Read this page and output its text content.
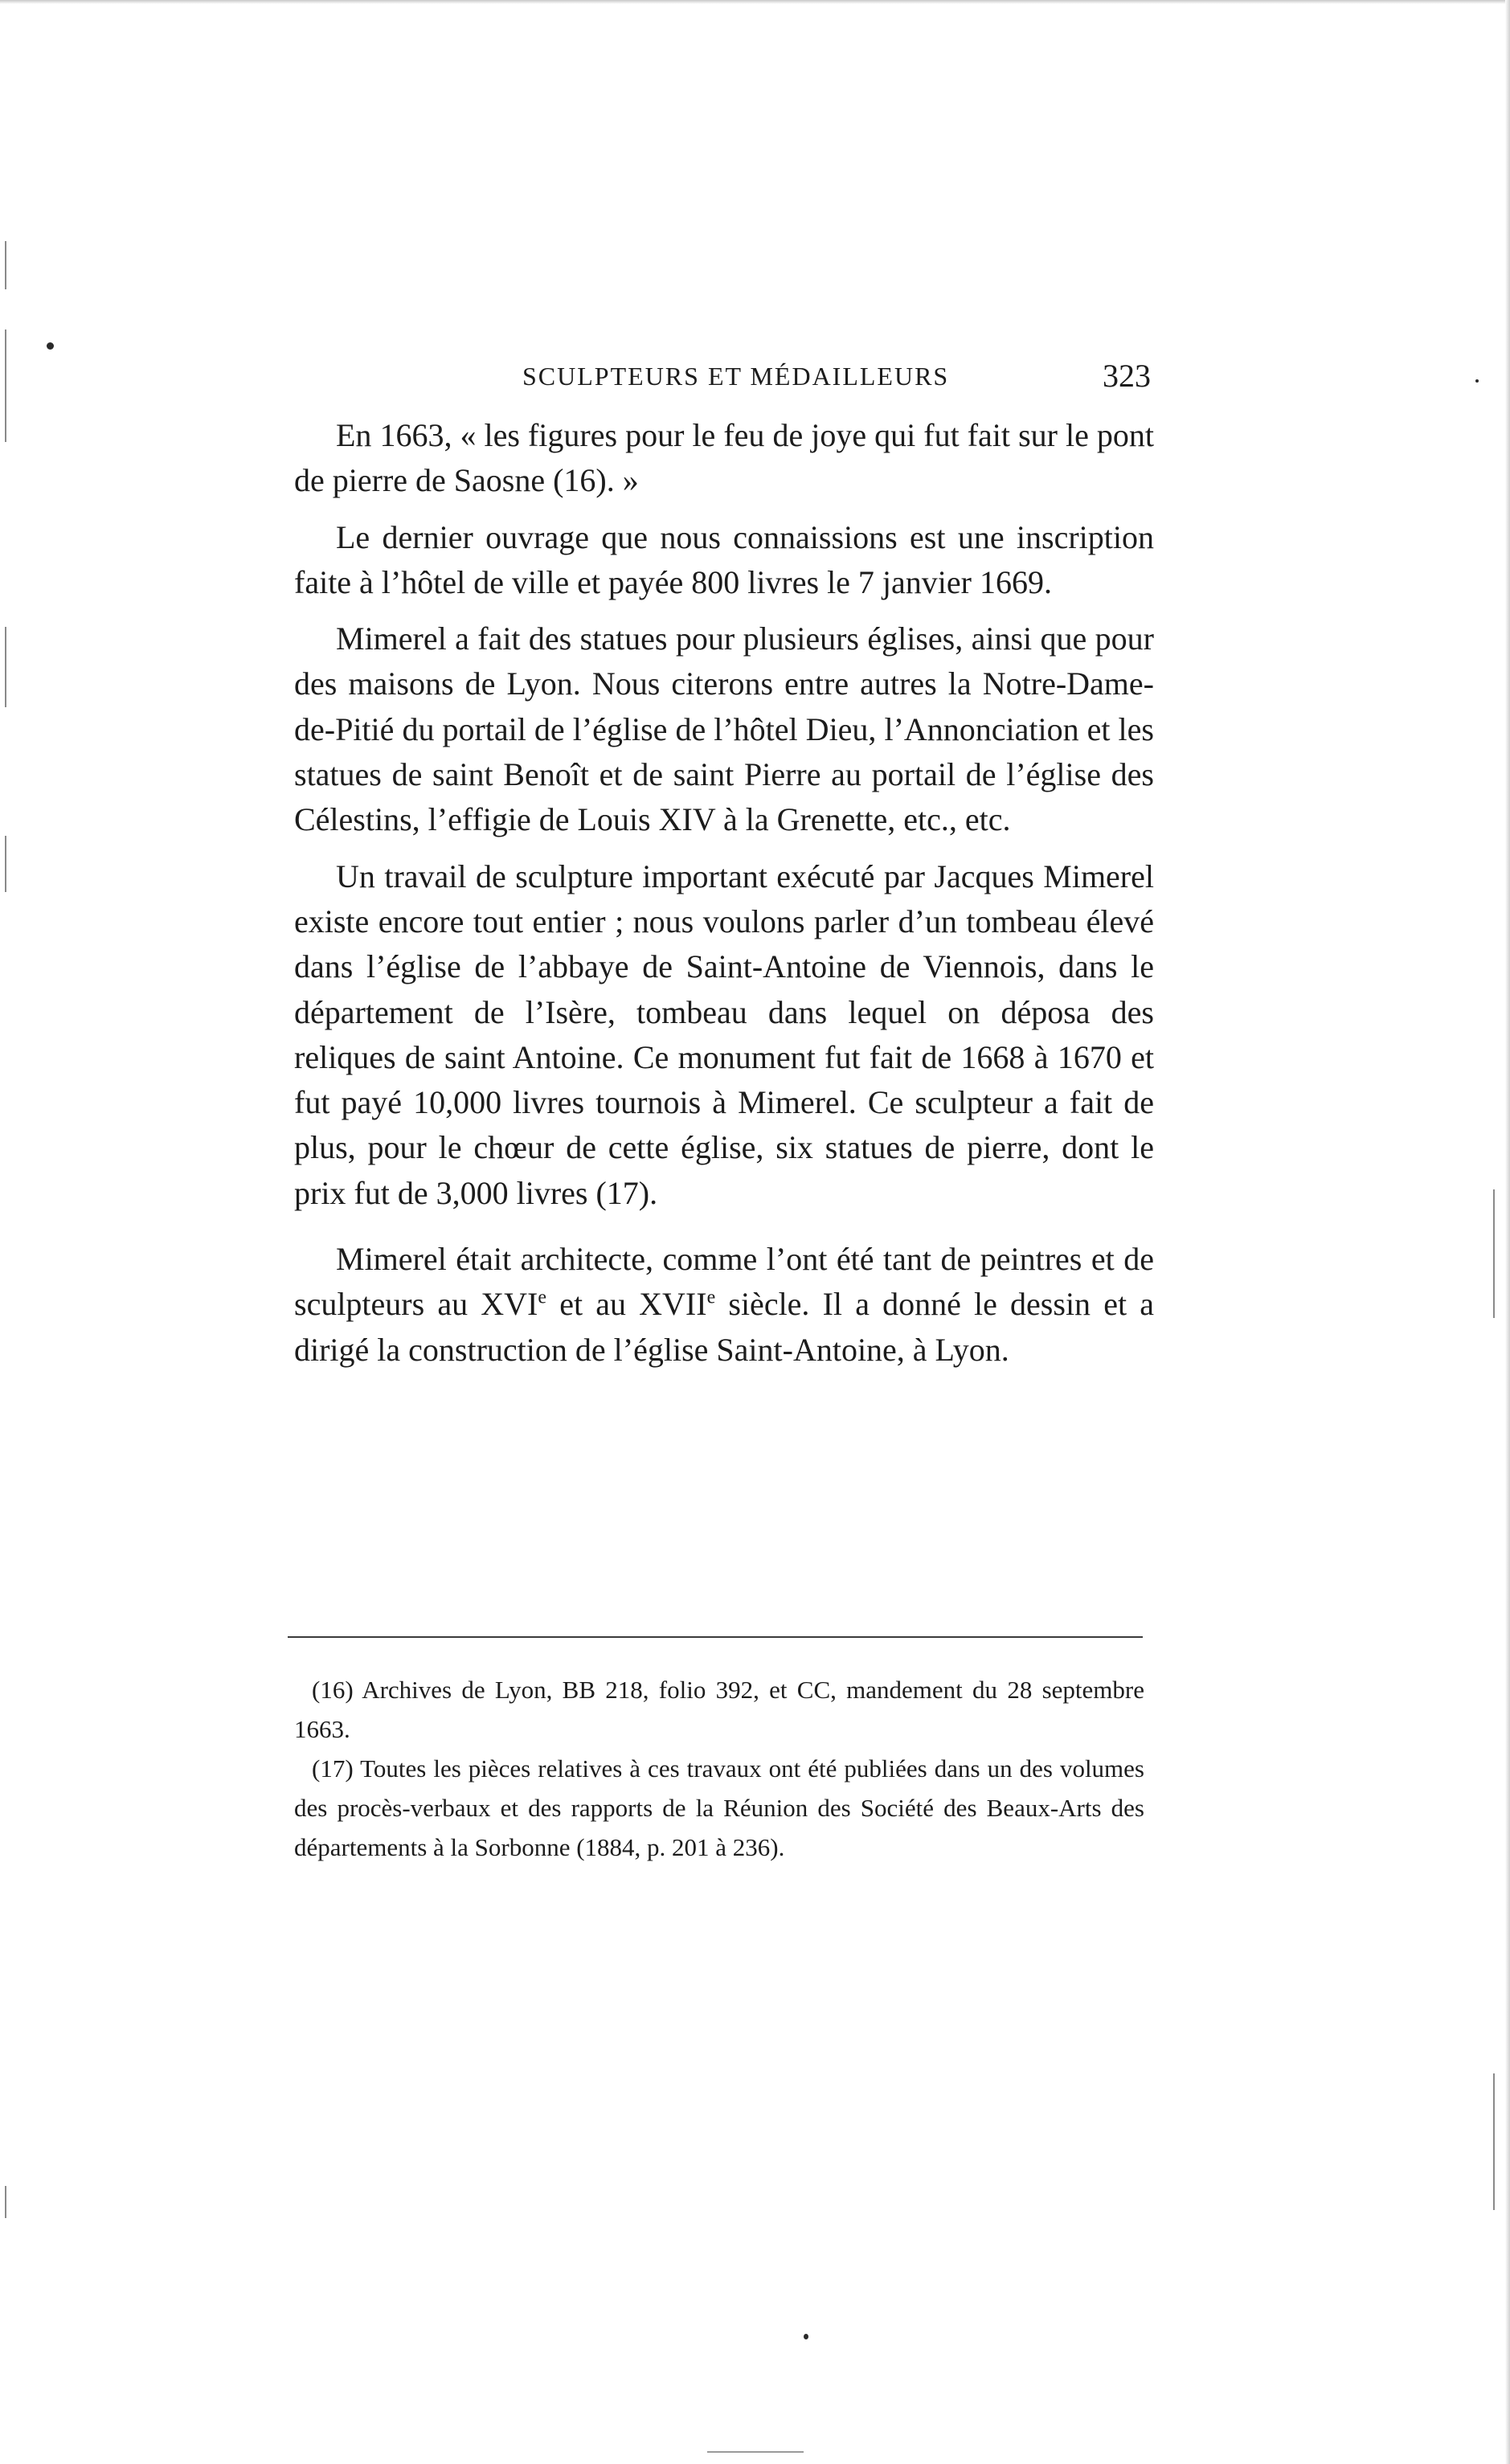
SCULPTEURS ET MÉDAILLEURS	323

En 1663, « les figures pour le feu de joye qui fut fait sur le pont de pierre de Saosne (16). »

Le dernier ouvrage que nous connaissions est une inscription faite à l’hôtel de ville et payée 800 livres le 7 janvier 1669.

Mimerel a fait des statues pour plusieurs églises, ainsi que pour des maisons de Lyon. Nous citerons entre autres la Notre-Dame-de-Pitié du portail de l’église de l’hôtel Dieu, l’Annonciation et les statues de saint Benoît et de saint Pierre au portail de l’église des Célestins, l’effigie de Louis XIV à la Grenette, etc., etc.

Un travail de sculpture important exécuté par Jacques Mimerel existe encore tout entier ; nous voulons parler d’un tombeau élevé dans l’église de l’abbaye de Saint-Antoine de Viennois, dans le département de l’Isère, tombeau dans lequel on déposa des reliques de saint Antoine. Ce monument fut fait de 1668 à 1670 et fut payé 10,000 livres tournois à Mimerel. Ce sculpteur a fait de plus, pour le chœur de cette église, six statues de pierre, dont le prix fut de 3,000 livres (17).

Mimerel était architecte, comme l’ont été tant de peintres et de sculpteurs au XVIe et au XVIIe siècle. Il a donné le dessin et a dirigé la construction de l’église Saint-Antoine, à Lyon.

(16) Archives de Lyon, BB 218, folio 392, et CC, mandement du 28 septembre 1663.

(17) Toutes les pièces relatives à ces travaux ont été publiées dans un des volumes des procès-verbaux et des rapports de la Réunion des Société des Beaux-Arts des départements à la Sorbonne (1884, p. 201 à 236).
